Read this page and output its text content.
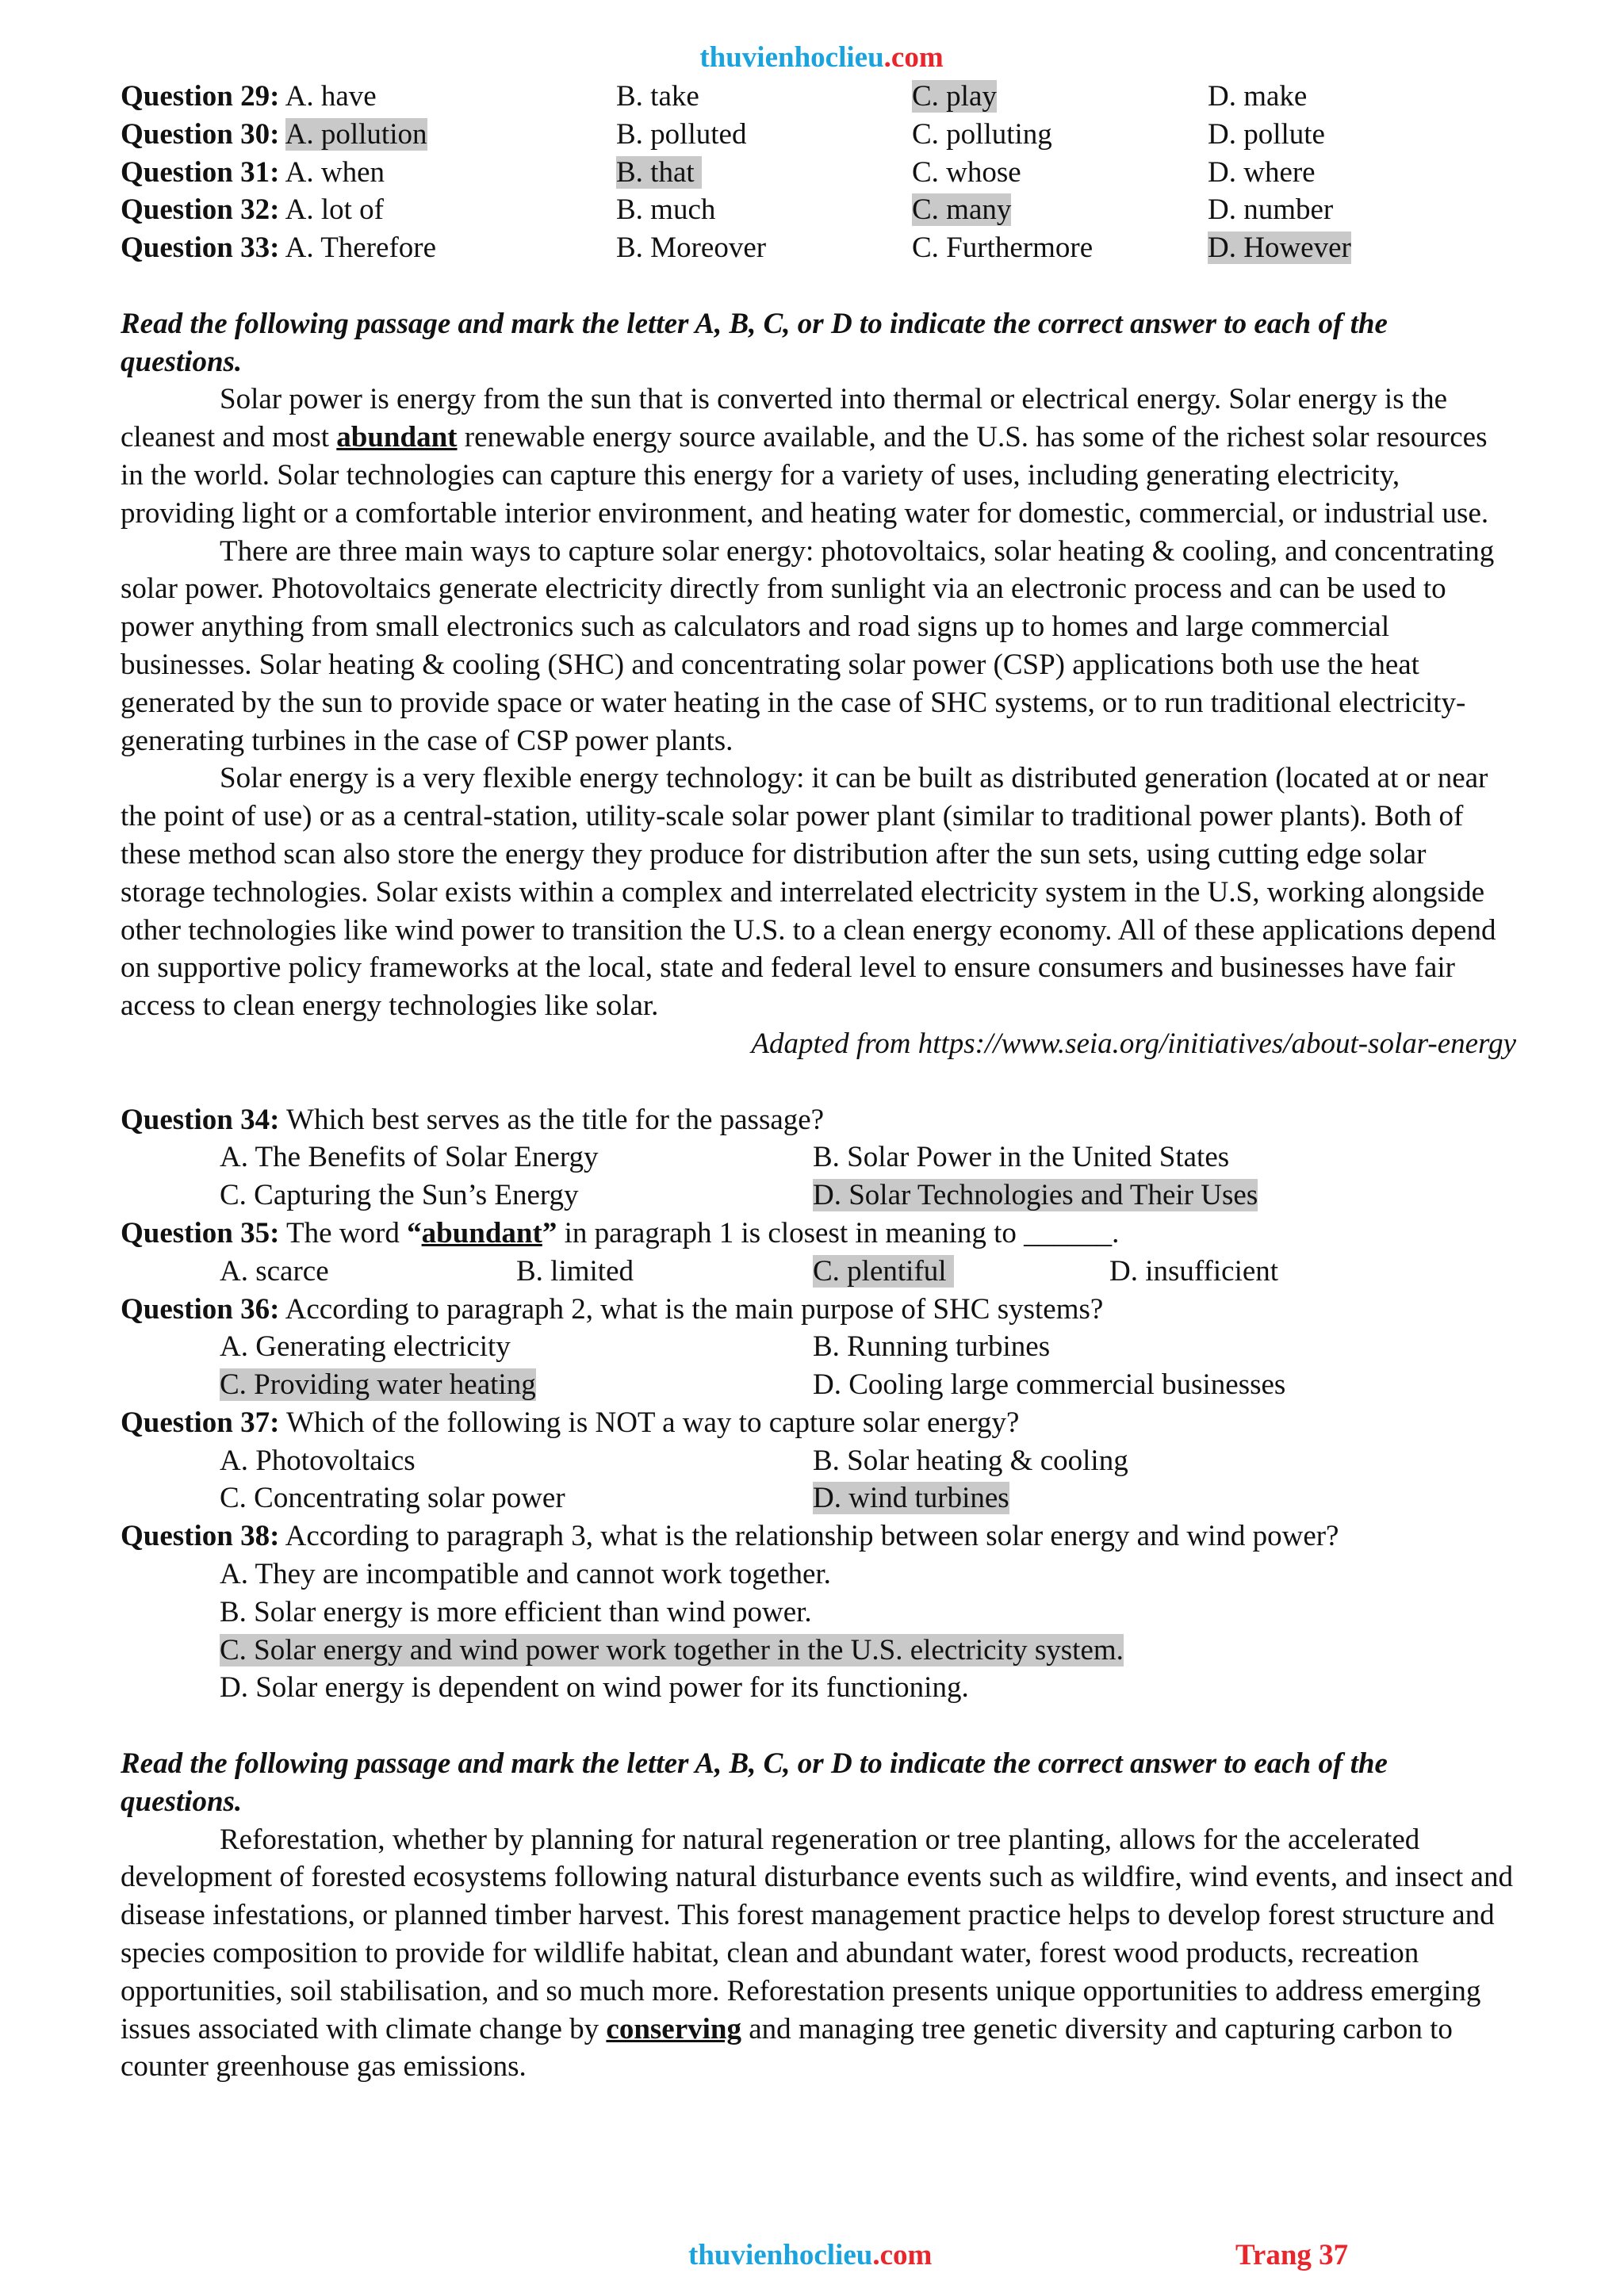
thuvienhoclieu.com
Question 29: A. have	B. take	C. play	D. make
Question 30: A. pollution	B. polluted	C. polluting	D. pollute
Question 31: A. when	B. that	C. whose	D. where
Question 32: A. lot of	B. much	C. many	D. number
Question 33: A. Therefore	B. Moreover	C. Furthermore	D. However

Read the following passage and mark the letter A, B, C, or D to indicate the correct answer to each of the questions.

Solar power is energy from the sun that is converted into thermal or electrical energy. Solar energy is the cleanest and most abundant renewable energy source available, and the U.S. has some of the richest solar resources in the world. Solar technologies can capture this energy for a variety of uses, including generating electricity, providing light or a comfortable interior environment, and heating water for domestic, commercial, or industrial use.

There are three main ways to capture solar energy: photovoltaics, solar heating & cooling, and concentrating solar power. Photovoltaics generate electricity directly from sunlight via an electronic process and can be used to power anything from small electronics such as calculators and road signs up to homes and large commercial businesses. Solar heating & cooling (SHC) and concentrating solar power (CSP) applications both use the heat generated by the sun to provide space or water heating in the case of SHC systems, or to run traditional electricity-generating turbines in the case of CSP power plants.

Solar energy is a very flexible energy technology: it can be built as distributed generation (located at or near the point of use) or as a central-station, utility-scale solar power plant (similar to traditional power plants). Both of these method scan also store the energy they produce for distribution after the sun sets, using cutting edge solar storage technologies. Solar exists within a complex and interrelated electricity system in the U.S, working alongside other technologies like wind power to transition the U.S. to a clean energy economy. All of these applications depend on supportive policy frameworks at the local, state and federal level to ensure consumers and businesses have fair access to clean energy technologies like solar.

Adapted from https://www.seia.org/initiatives/about-solar-energy

Question 34: Which best serves as the title for the passage?
A. The Benefits of Solar Energy	B. Solar Power in the United States
C. Capturing the Sun’s Energy	D. Solar Technologies and Their Uses
Question 35: The word “ abundant ” in paragraph 1 is closest in meaning to ______.
A. scarce	B. limited	C. plentiful	D. insufficient
Question 36: According to paragraph 2, what is the main purpose of SHC systems?
A. Generating electricity	B. Running turbines
C. Providing water heating	D. Cooling large commercial businesses
Question 37: Which of the following is NOT a way to capture solar energy?
A. Photovoltaics	B. Solar heating & cooling
C. Concentrating solar power	D. wind turbines
Question 38: According to paragraph 3, what is the relationship between solar energy and wind power?
A. They are incompatible and cannot work together.
B. Solar energy is more efficient than wind power.
C. Solar energy and wind power work together in the U.S. electricity system.
D. Solar energy is dependent on wind power for its functioning.

Read the following passage and mark the letter A, B, C, or D to indicate the correct answer to each of the questions.

Reforestation, whether by planning for natural regeneration or tree planting, allows for the accelerated development of forested ecosystems following natural disturbance events such as wildfire, wind events, and insect and disease infestations, or planned timber harvest. This forest management practice helps to develop forest structure and species composition to provide for wildlife habitat, clean and abundant water, forest wood products, recreation opportunities, soil stabilisation, and so much more. Reforestation presents unique opportunities to address emerging issues associated with climate change by conserving and managing tree genetic diversity and capturing carbon to counter greenhouse gas emissions.

thuvienhoclieu.com	Trang 37
